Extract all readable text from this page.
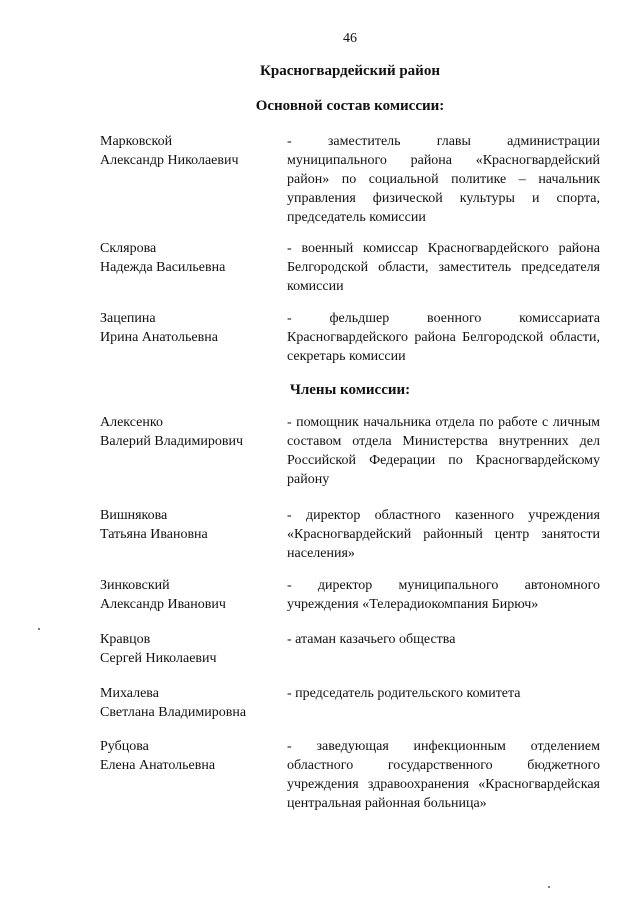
46
Красногвардейский район
Основной состав комиссии:
Марковской
Александр Николаевич
- заместитель главы администрации муниципального района «Красногвардейский район» по социальной политике – начальник управления физической культуры и спорта, председатель комиссии
Склярова
Надежда Васильевна
- военный комиссар Красногвардейского района Белгородской области, заместитель председателя комиссии
Зацепина
Ирина Анатольевна
- фельдшер военного комиссариата Красногвардейского района Белгородской области, секретарь комиссии
Члены комиссии:
Алексенко
Валерий Владимирович
- помощник начальника отдела по работе с личным составом отдела Министерства внутренних дел Российской Федерации по Красногвардейскому району
Вишнякова
Татьяна Ивановна
- директор областного казенного учреждения «Красногвардейский районный центр занятости населения»
Зинковский
Александр Иванович
- директор муниципального автономного учреждения «Телерадиокомпания Бирюч»
Кравцов
Сергей Николаевич
- атаман казачьего общества
Михалева
Светлана Владимировна
- председатель родительского комитета
Рубцова
Елена Анатольевна
- заведующая инфекционным отделением областного государственного бюджетного учреждения здравоохранения «Красногвардейская центральная районная больница»
